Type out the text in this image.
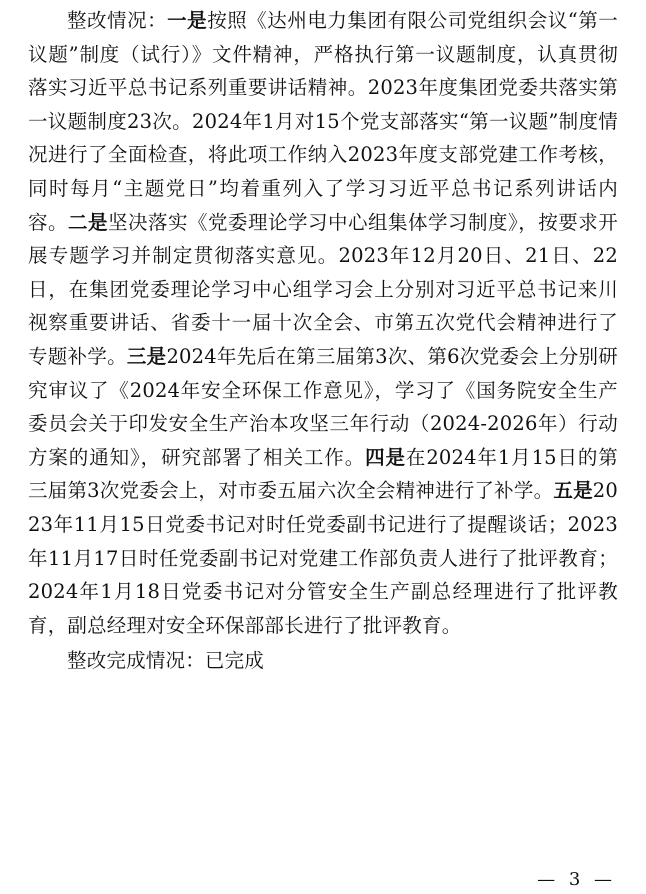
整改情况：一是按照《达州电力集团有限公司党组织会议“第一议题”制度（试行）》文件精神，严格执行第一议题制度，认真贯彻落实习近平总书记系列重要讲话精神。2023年度集团党委共落实第一议题制度23次。2024年1月对15个党支部落实“第一议题”制度情况进行了全面检查，将此项工作纳入2023年度支部党建工作考核，同时每月“主题党日”均着重列入了学习习近平总书记系列讲话内容。二是坚决落实《党委理论学习中心组集体学习制度》，按要求开展专题学习并制定贯彻落实意见。2023年12月20日、21日、22日，在集团党委理论学习中心组学习会上分别对习近平总书记来川视察重要讲话、省委十一届十次全会、市第五次党代会精神进行了专题补学。三是2024年先后在第三届第3次、第6次党委会上分别研究审议了《2024年安全环保工作意见》，学习了《国务院安全生产委员会关于印发安全生产治本攻坚三年行动（2024-2026年）行动方案的通知》，研究部署了相关工作。四是在2024年1月15日的第三届第3次党委会上，对市委五届六次全会精神进行了补学。五是2023年11月15日党委书记对时任党委副书记进行了提醒谈话；2023年11月17日时任党委副书记对党建工作部负责人进行了批评教育；2024年1月18日党委书记对分管安全生产副总经理进行了批评教育，副总经理对安全环保部部长进行了批评教育。

整改完成情况：已完成

— 3 —
